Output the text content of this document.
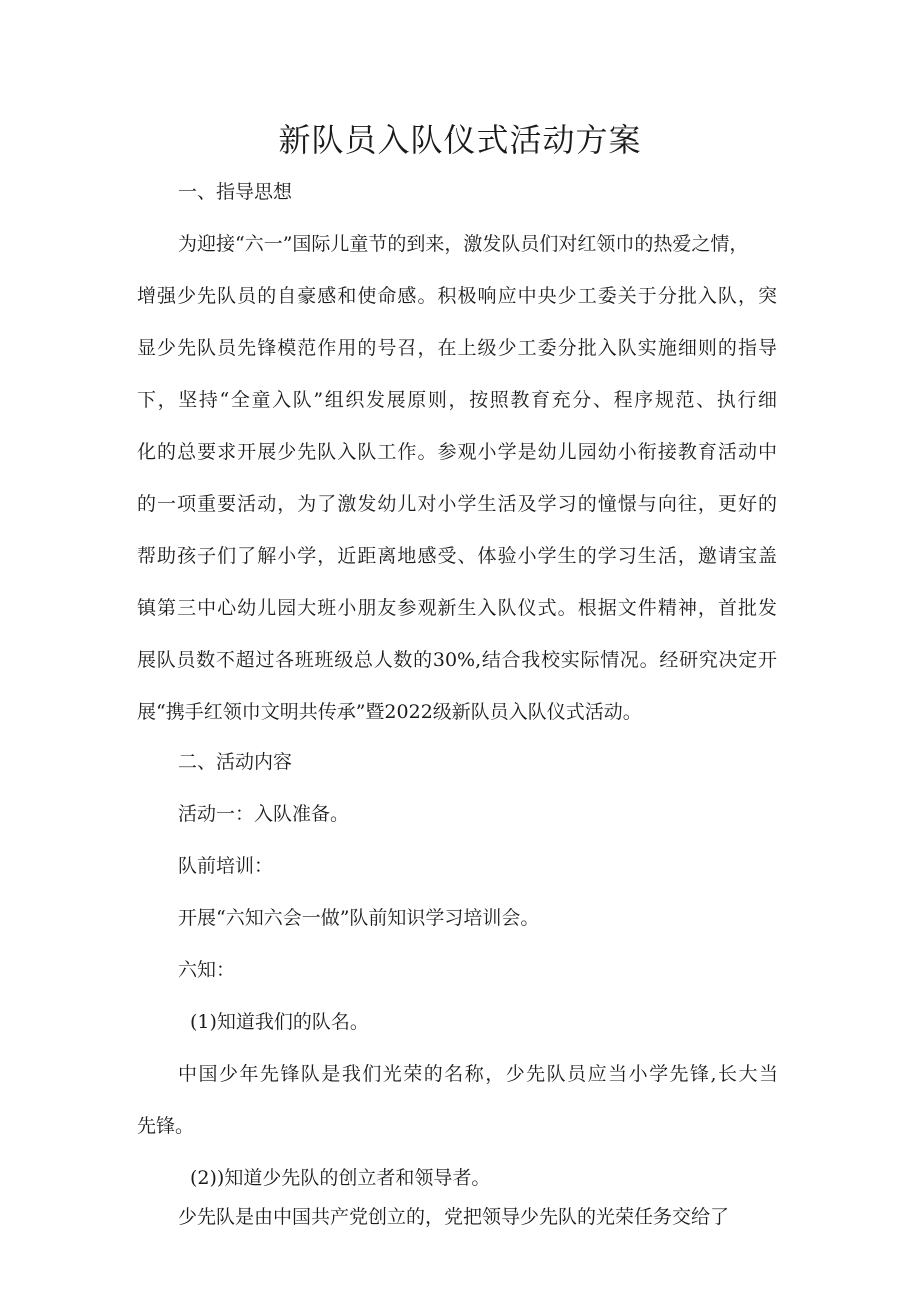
新队员入队仪式活动方案
一、指导思想
为迎接“六一”国际儿童节的到来，激发队员们对红领巾的热爱之情，
增强少先队员的自豪感和使命感。积极响应中央少工委关于分批入队，突
显少先队员先锋模范作用的号召，在上级少工委分批入队实施细则的指导
下，坚持“全童入队”组织发展原则，按照教育充分、程序规范、执行细
化的总要求开展少先队入队工作。参观小学是幼儿园幼小衔接教育活动中
的一项重要活动，为了激发幼儿对小学生活及学习的憧憬与向往，更好的
帮助孩子们了解小学，近距离地感受、体验小学生的学习生活，邀请宝盖
镇第三中心幼儿园大班小朋友参观新生入队仪式。根据文件精神，首批发
展队员数不超过各班班级总人数的30%,结合我校实际情况。经研究决定开
展“携手红领巾文明共传承”暨2022级新队员入队仪式活动。
二、活动内容
活动一：入队准备。
队前培训：
开展“六知六会一做”队前知识学习培训会。
六知：
(1)知道我们的队名。
中国少年先锋队是我们光荣的名称，少先队员应当小学先锋,长大当
先锋。
(2))知道少先队的创立者和领导者。
少先队是由中国共产党创立的，党把领导少先队的光荣任务交给了
